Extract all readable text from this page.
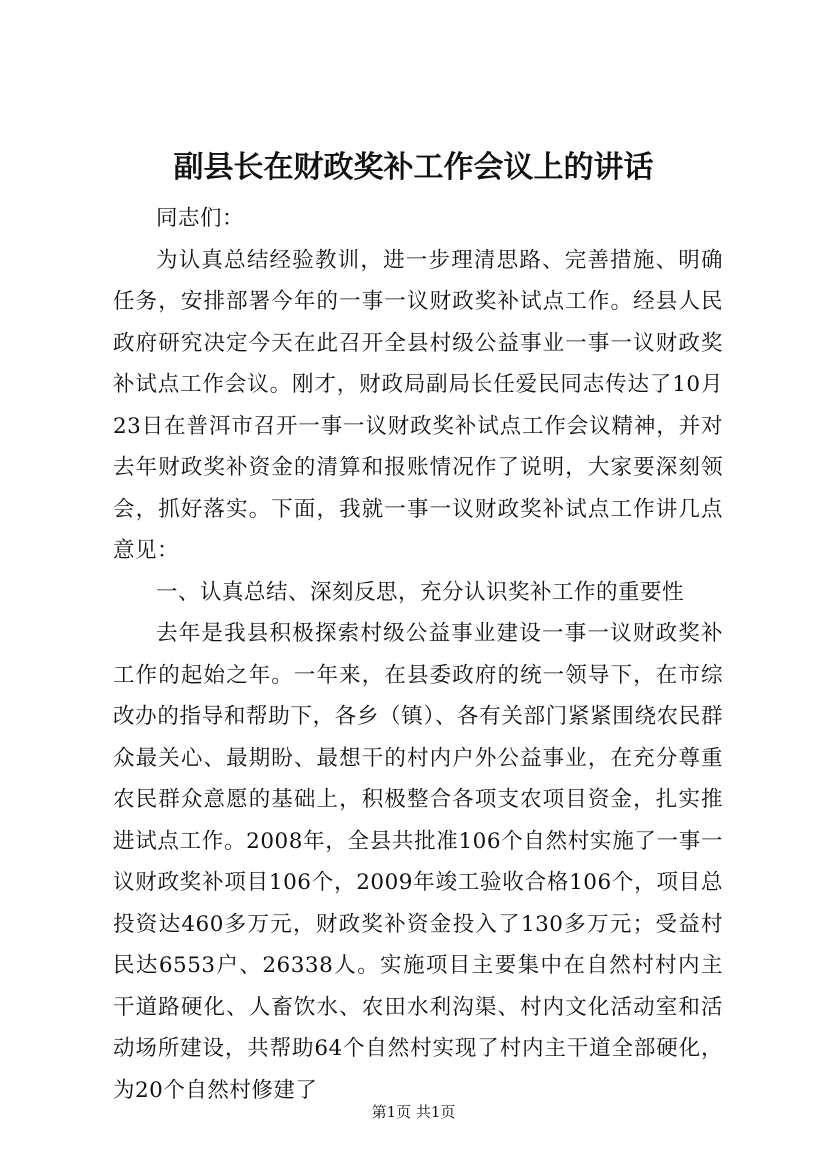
副县长在财政奖补工作会议上的讲话

同志们：

为认真总结经验教训，进一步理清思路、完善措施、明确任务，安排部署今年的一事一议财政奖补试点工作。经县人民政府研究决定今天在此召开全县村级公益事业一事一议财政奖补试点工作会议。刚才，财政局副局长任爱民同志传达了10月23日在普洱市召开一事一议财政奖补试点工作会议精神，并对去年财政奖补资金的清算和报账情况作了说明，大家要深刻领会，抓好落实。下面，我就一事一议财政奖补试点工作讲几点意见：

一、认真总结、深刻反思，充分认识奖补工作的重要性

去年是我县积极探索村级公益事业建设一事一议财政奖补工作的起始之年。一年来，在县委政府的统一领导下，在市综改办的指导和帮助下，各乡（镇）、各有关部门紧紧围绕农民群众最关心、最期盼、最想干的村内户外公益事业，在充分尊重农民群众意愿的基础上，积极整合各项支农项目资金，扎实推进试点工作。2008年，全县共批准106个自然村实施了一事一议财政奖补项目106个，2009年竣工验收合格106个，项目总投资达460多万元，财政奖补资金投入了130多万元；受益村民达6553户、26338人。实施项目主要集中在自然村村内主干道路硬化、人畜饮水、农田水利沟渠、村内文化活动室和活动场所建设，共帮助64个自然村实现了村内主干道全部硬化，为20个自然村修建了

第1页 共1页
